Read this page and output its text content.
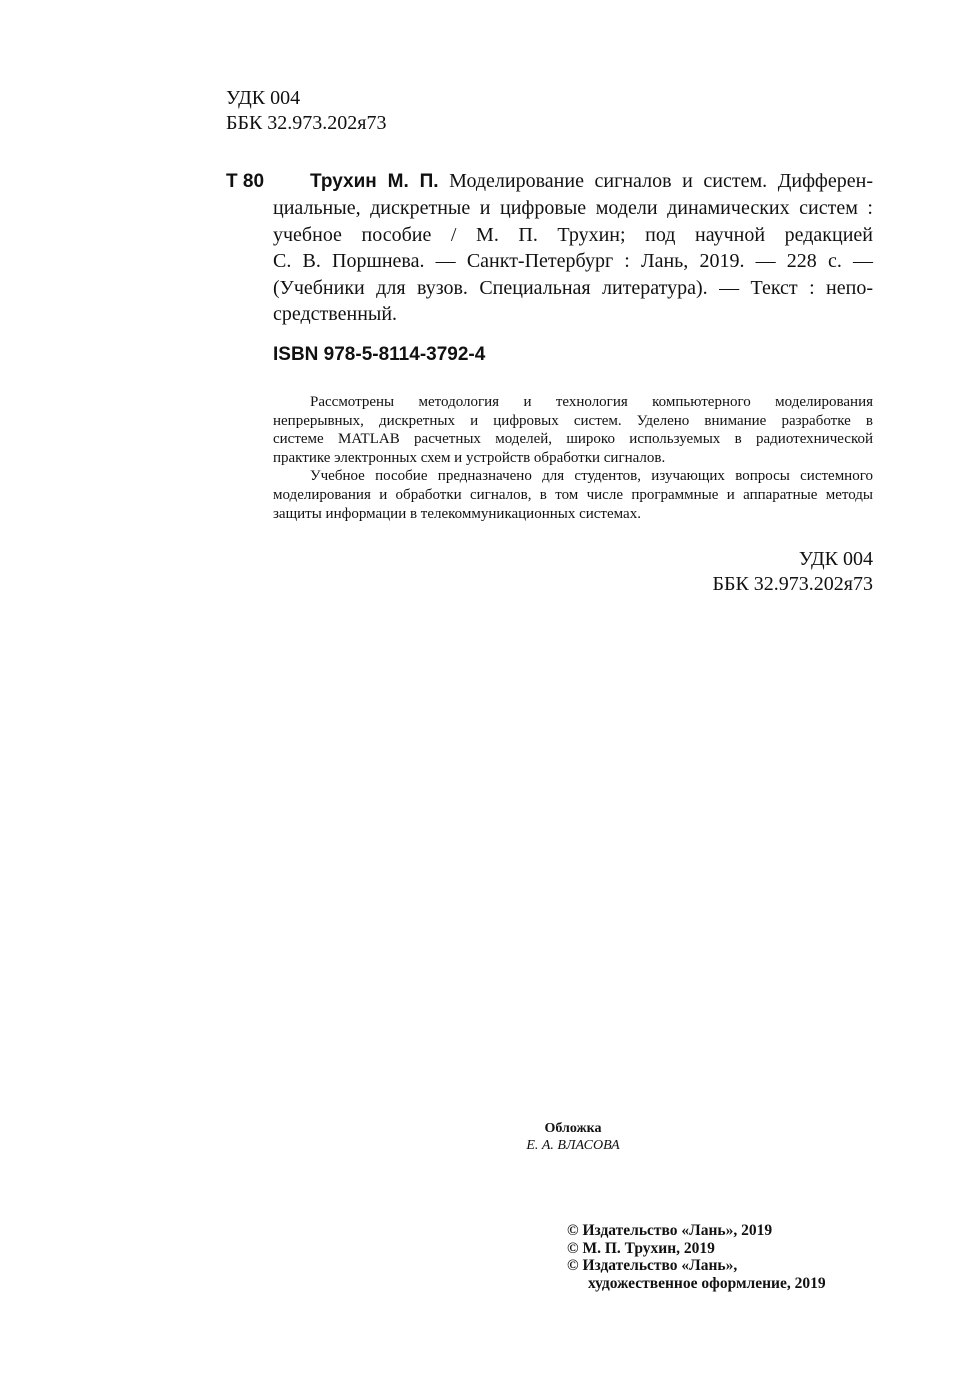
УДК 004
ББК 32.973.202я73
Т 80	Трухин М. П. Моделирование сигналов и систем. Дифферен-
циальные, дискретные и цифровые модели динамических систем :
учебное пособие / М. П. Трухин; под научной редакцией
С. В. Поршнева. — Санкт-Петербург : Лань, 2019. — 228 с. —
(Учебники для вузов. Специальная литература). — Текст : непо-
средственный.
ISBN 978-5-8114-3792-4
Рассмотрены методология и технология компьютерного моделирования
непрерывных, дискретных и цифровых систем. Уделено внимание разработке в
системе MATLAB расчетных моделей, широко используемых в радиотехнической
практике электронных схем и устройств обработки сигналов.
Учебное пособие предназначено для студентов, изучающих вопросы системного
моделирования и обработки сигналов, в том числе программные и аппаратные методы
защиты информации в телекоммуникационных системах.
УДК 004
ББК 32.973.202я73
Обложка
Е. А. ВЛАСОВА
© Издательство «Лань», 2019
© М. П. Трухин, 2019
© Издательство «Лань»,
художественное оформление, 2019
